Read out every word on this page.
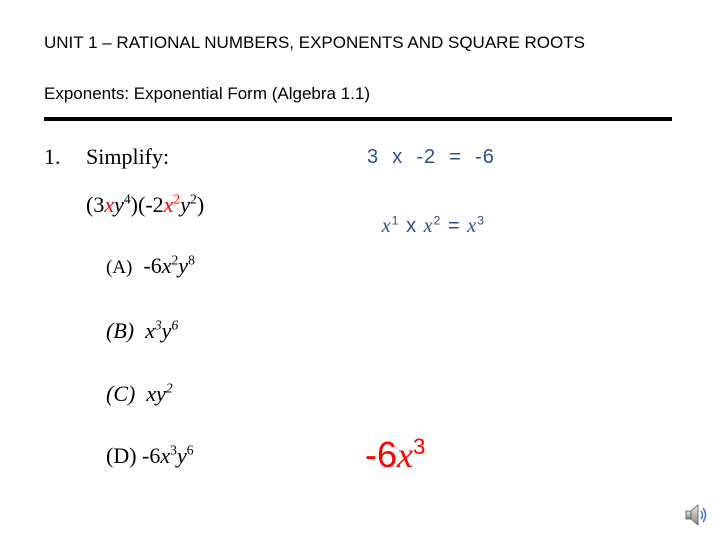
UNIT 1 – RATIONAL NUMBERS, EXPONENTS AND SQUARE ROOTS
Exponents: Exponential Form (Algebra 1.1)
1. Simplify:
$(3xy^4)(-2x^2y^2)$
(A) $-6x^2y^8$
(B) $x^3y^6$
(C) $xy^2$
(D) $-6x^3y^6$
3  x  -2  =  -6

$x^1$ x $x^2 = x^3$

$-6x^3$
